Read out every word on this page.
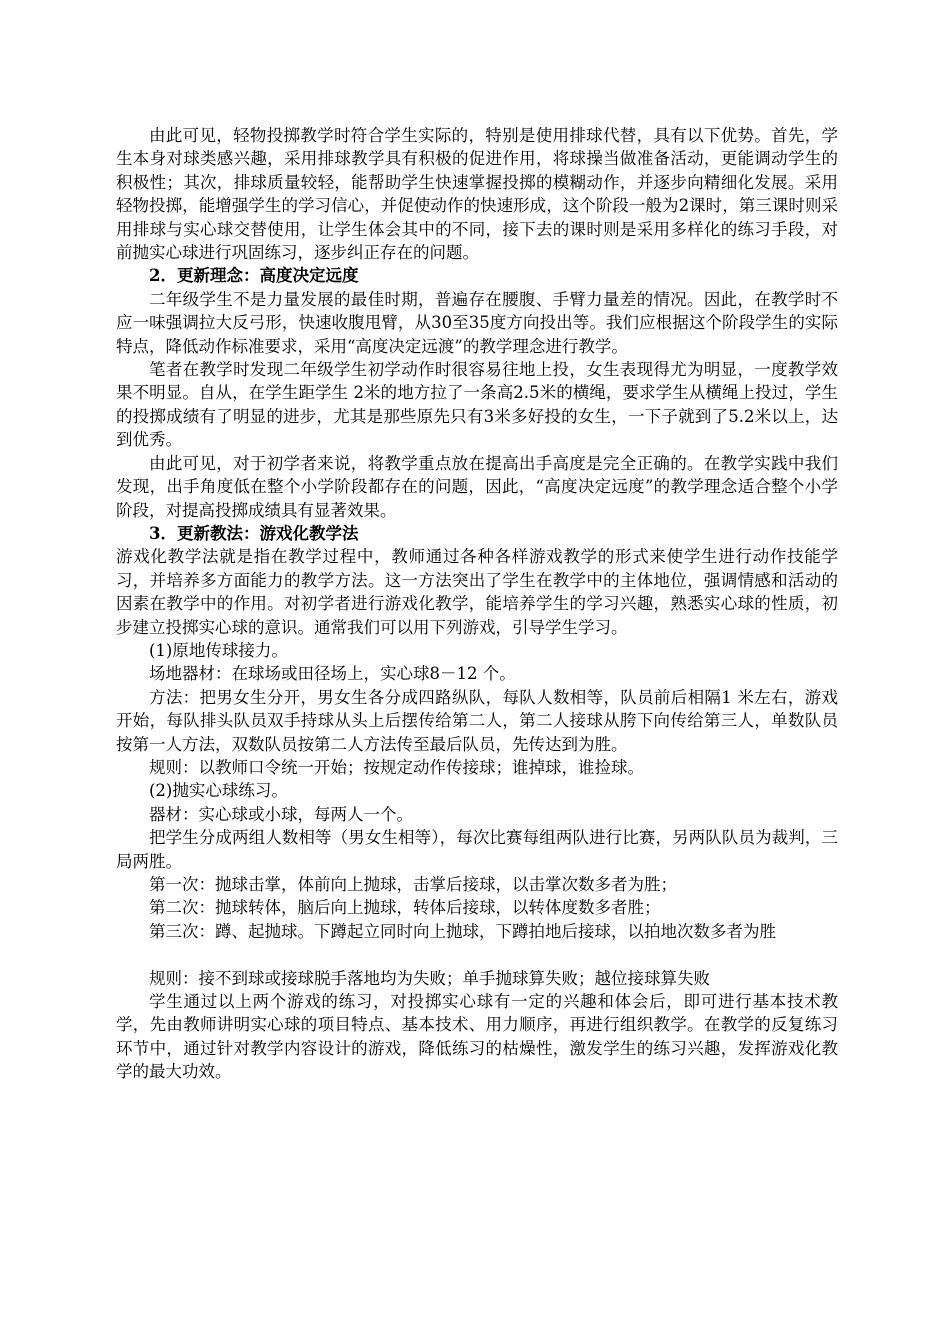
由此可见，轻物投掷教学时符合学生实际的，特别是使用排球代替，具有以下优势。首先，学生本身对球类感兴趣，采用排球教学具有积极的促进作用，将球操当做准备活动，更能调动学生的积极性；其次，排球质量较轻，能帮助学生快速掌握投掷的模糊动作，并逐步向精细化发展。采用轻物投掷，能增强学生的学习信心，并促使动作的快速形成，这个阶段一般为2课时，第三课时则采用排球与实心球交替使用，让学生体会其中的不同，接下去的课时则是采用多样化的练习手段，对前抛实心球进行巩固练习，逐步纠正存在的问题。

2．更新理念：高度决定远度

二年级学生不是力量发展的最佳时期，普遍存在腰腹、手臂力量差的情况。因此，在教学时不应一味强调拉大反弓形，快速收腹甩臂，从30至35度方向投出等。我们应根据这个阶段学生的实际特点，降低动作标准要求，采用“高度决定远渡”的教学理念进行教学。

笔者在教学时发现二年级学生初学动作时很容易往地上投，女生表现得尤为明显，一度教学效果不明显。自从，在学生距学生 2米的地方拉了一条高2.5米的横绳，要求学生从横绳上投过，学生的投掷成绩有了明显的进步，尤其是那些原先只有3米多好投的女生，一下子就到了5.2米以上，达到优秀。

由此可见，对于初学者来说，将教学重点放在提高出手高度是完全正确的。在教学实践中我们发现，出手角度低在整个小学阶段都存在的问题，因此，“高度决定远度”的教学理念适合整个小学阶段，对提高投掷成绩具有显著效果。

3．更新教法：游戏化教学法

游戏化教学法就是指在教学过程中，教师通过各种各样游戏教学的形式来使学生进行动作技能学习，并培养多方面能力的教学方法。这一方法突出了学生在教学中的主体地位，强调情感和活动的因素在教学中的作用。对初学者进行游戏化教学，能培养学生的学习兴趣，熟悉实心球的性质，初步建立投掷实心球的意识。通常我们可以用下列游戏，引导学生学习。

(1)原地传球接力。

场地器材：在球场或田径场上，实心球8－12 个。

方法：把男女生分开，男女生各分成四路纵队，每队人数相等，队员前后相隔1 米左右，游戏开始，每队排头队员双手持球从头上后摆传给第二人，第二人接球从胯下向传给第三人，单数队员按第一人方法，双数队员按第二人方法传至最后队员，先传达到为胜。

规则：以教师口令统一开始；按规定动作传接球；谁掉球，谁捡球。

(2)抛实心球练习。

器材：实心球或小球，每两人一个。

把学生分成两组人数相等（男女生相等），每次比赛每组两队进行比赛，另两队队员为裁判，三局两胜。

第一次：抛球击掌，体前向上抛球，击掌后接球，以击掌次数多者为胜；

第二次：抛球转体，脑后向上抛球，转体后接球，以转体度数多者胜；

第三次：蹲、起抛球。下蹲起立同时向上抛球，下蹲拍地后接球，以拍地次数多者为胜

规则：接不到球或接球脱手落地均为失败；单手抛球算失败；越位接球算失败

学生通过以上两个游戏的练习，对投掷实心球有一定的兴趣和体会后，即可进行基本技术教学，先由教师讲明实心球的项目特点、基本技术、用力顺序，再进行组织教学。在教学的反复练习环节中，通过针对教学内容设计的游戏，降低练习的枯燥性，激发学生的练习兴趣，发挥游戏化教学的最大功效。
